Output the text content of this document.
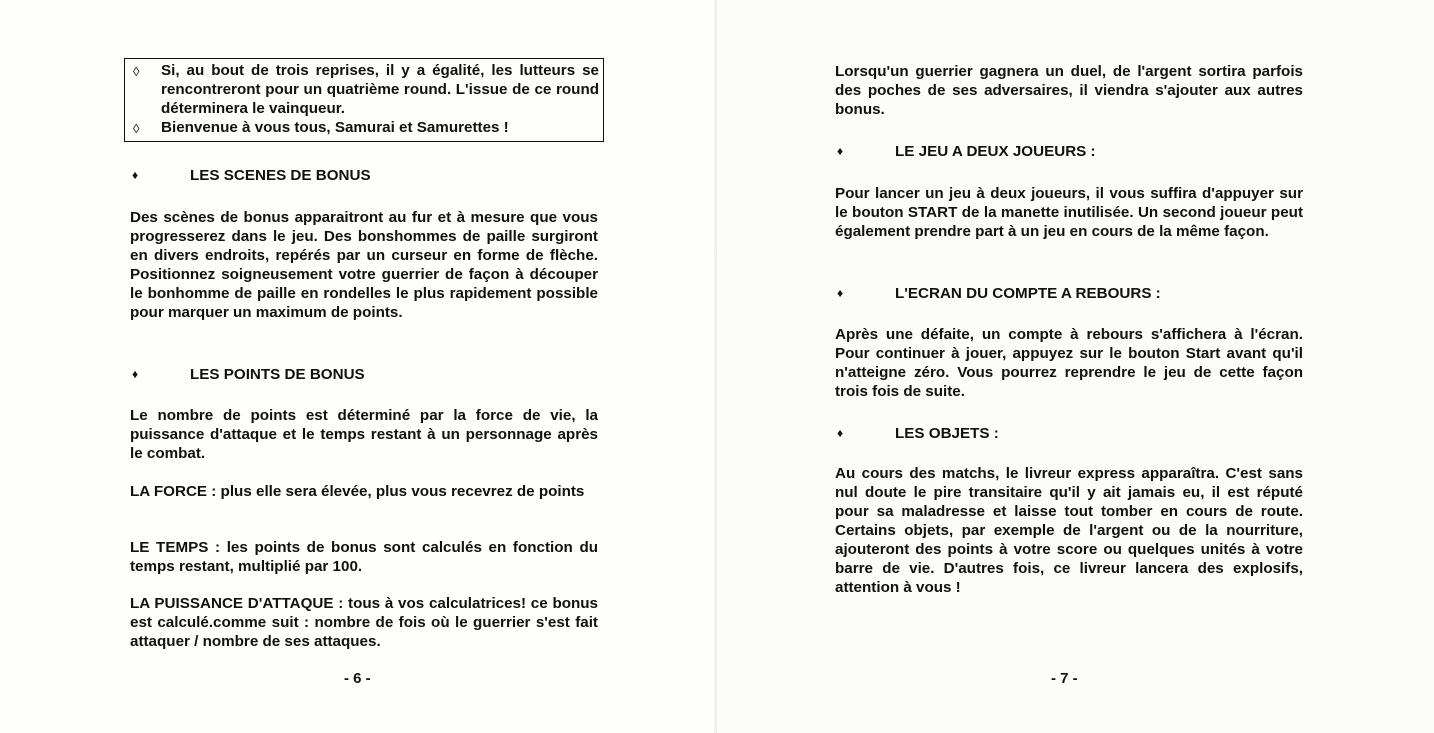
◊	Si, au bout de trois reprises, il y a égalité, les lutteurs se rencontreront pour un quatrième round. L'issue de ce round déterminera le vainqueur.
◊	Bienvenue à vous tous, Samurai et Samurettes !
♦	LES SCENES DE BONUS

Des scènes de bonus apparaitront au fur et à mesure que vous progresserez dans le jeu. Des bonshommes de paille surgiront en divers endroits, repérés par un curseur en forme de flèche. Positionnez soigneusement votre guerrier de façon à découper le bonhomme de paille en rondelles le plus rapidement possible pour marquer un maximum de points.

♦	LES POINTS DE BONUS

Le nombre de points est déterminé par la force de vie, la puissance d'attaque et le temps restant à un personnage après le combat.

LA FORCE : plus elle sera élevée, plus vous recevrez de points

LE TEMPS : les points de bonus sont calculés en fonction du temps restant, multiplié par 100.

LA PUISSANCE D'ATTAQUE : tous à vos calculatrices! ce bonus est calculé.comme suit : nombre de fois où le guerrier s'est fait attaquer / nombre de ses attaques.

- 6 -

Lorsqu'un guerrier gagnera un duel, de l'argent sortira parfois des poches de ses adversaires, il viendra s'ajouter aux autres bonus.

♦	LE JEU A DEUX JOUEURS :

Pour lancer un jeu à deux joueurs, il vous suffira d'appuyer sur le bouton START de la manette inutilisée. Un second joueur peut également prendre part à un jeu en cours de la même façon.

♦	L'ECRAN DU COMPTE A REBOURS :

Après une défaite, un compte à rebours s'affichera à l'écran. Pour continuer à jouer, appuyez sur le bouton Start avant qu'il n'atteigne zéro. Vous pourrez reprendre le jeu de cette façon trois fois de suite.

♦	LES OBJETS :

Au cours des matchs, le livreur express apparaîtra. C'est sans nul doute le pire transitaire qu'il y ait jamais eu, il est réputé pour sa maladresse et laisse tout tomber en cours de route. Certains objets, par exemple de l'argent ou de la nourriture, ajouteront des points à votre score ou quelques unités à votre barre de vie. D'autres fois, ce livreur lancera des explosifs, attention à vous !

- 7 -
